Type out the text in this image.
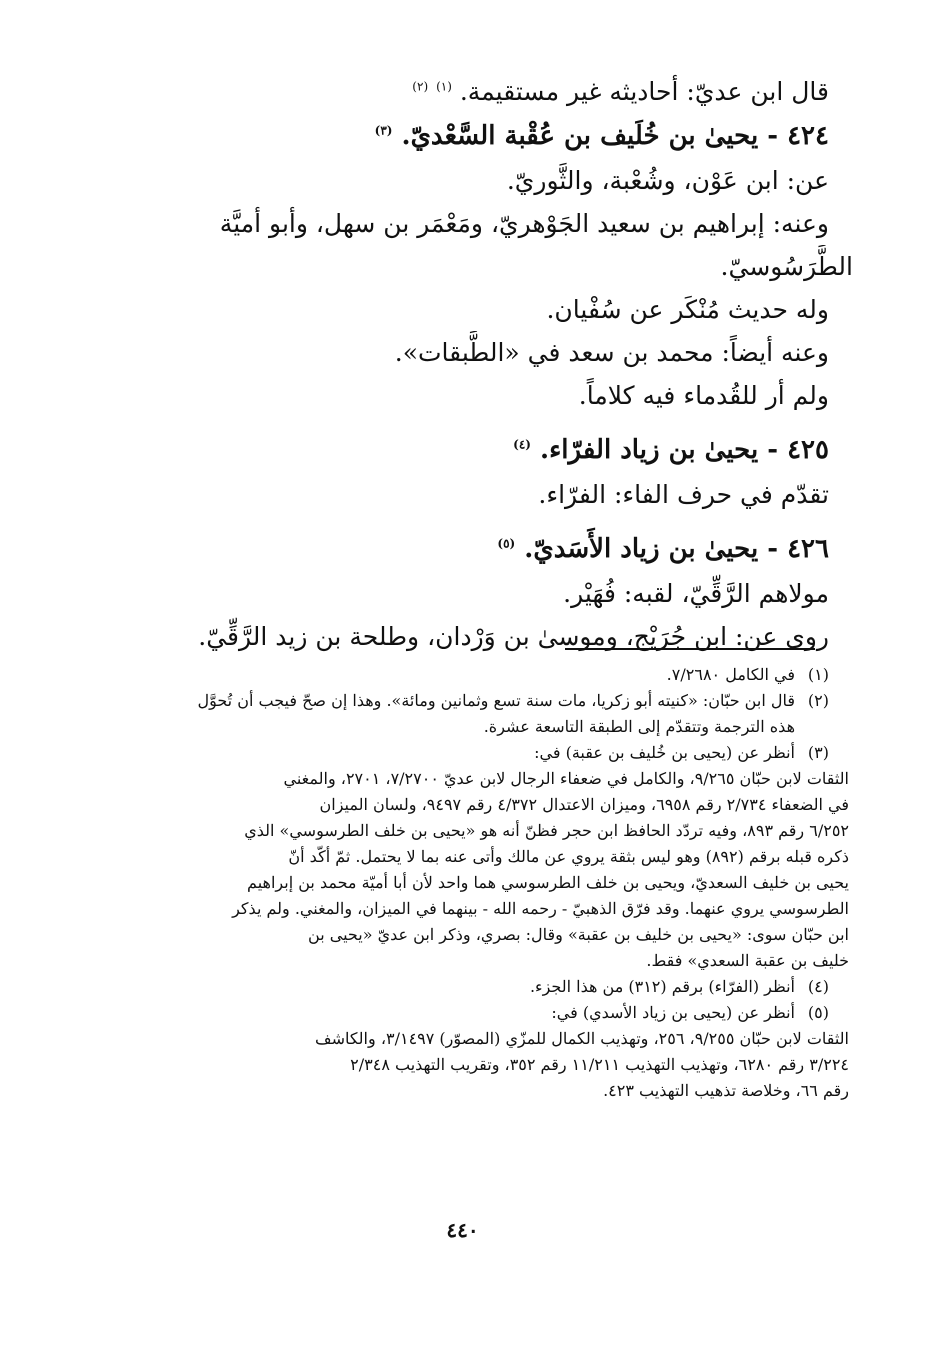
قال ابن عديّ: أحاديثه غير مستقيمة. $^{(١)}$ $^{(٢)}$
٤٢٤ - يحيىٰ بن خُلَيف بن عُقْبة السَّعْديّ. $^{(٣)}$
عن: ابن عَوْن، وشُعْبة، والثَّوريّ.
وعنه: إبراهيم بن سعيد الجَوْهريّ، ومَعْمَر بن سهل، وأبو أميَّة
الطَّرَسُوسيّ.
وله حديث مُنْكَر عن سُفْيان.
وعنه أيضاً: محمد بن سعد في «الطَّبقات».
ولم أر للقُدماء فيه كلاماً.
٤٢٥ - يحيىٰ بن زياد الفرّاء. $^{(٤)}$
تقدّم في حرف الفاء: الفرّاء.
٤٢٦ - يحيىٰ بن زياد الأَسَديّ. $^{(٥)}$
مولاهم الرَّقِّيّ، لقبه: فُهَيْر.
روى عن: ابن جُرَيْج، وموسىٰ بن وَرْدان، وطلحة بن زيد الرَّقِّيّ.
(١)
في الكامل ٧/٢٦٨٠.
(٢)
قال ابن حبّان: «كنيته أبو زكريا، مات سنة تسع وثمانين ومائة». وهذا إن صحّ فيجب أن تُحوَّل
هذه الترجمة وتتقدّم إلى الطبقة التاسعة عشرة.
(٣)
أنظر عن (يحيى بن خُليف بن عقبة) في:
الثقات لابن حبّان ٩/٢٦٥، والكامل في ضعفاء الرجال لابن عديّ ٧/٢٧٠٠، ٢٧٠١، والمغني
في الضعفاء ٢/٧٣٤ رقم ٦٩٥٨، وميزان الاعتدال ٤/٣٧٢ رقم ٩٤٩٧، ولسان الميزان
٦/٢٥٢ رقم ٨٩٣، وفيه تردّد الحافظ ابن حجر فظنّ أنه هو «يحيى بن خلف الطرسوسي» الذي
ذكره قبله برقم (٨٩٢) وهو ليس بثقة يروي عن مالك وأتى عنه بما لا يحتمل. ثمّ أكّد أنّ
يحيى بن خليف السعديّ، ويحيى بن خلف الطرسوسي هما واحد لأن أبا أميّة محمد بن إبراهيم
الطرسوسي يروي عنهما. وقد فرّق الذهبيّ - رحمه الله - بينهما في الميزان، والمغني. ولم يذكر
ابن حبّان سوى: «يحيى بن خليف بن عقبة» وقال: بصري، وذكر ابن عديّ «يحيى بن
خليف بن عقبة السعدي» فقط.
(٤)
أنظر (الفرّاء) برقم (٣١٢) من هذا الجزء.
(٥)
أنظر عن (يحيى بن زياد الأسدي) في:
الثقات لابن حبّان ٩/٢٥٥، ٢٥٦، وتهذيب الكمال للمزّي (المصوّر) ٣/١٤٩٧، والكاشف
٣/٢٢٤ رقم ٦٢٨٠، وتهذيب التهذيب ١١/٢١١ رقم ٣٥٢، وتقريب التهذيب ٢/٣٤٨
رقم ٦٦، وخلاصة تذهيب التهذيب ٤٢٣.
٤٤٠
